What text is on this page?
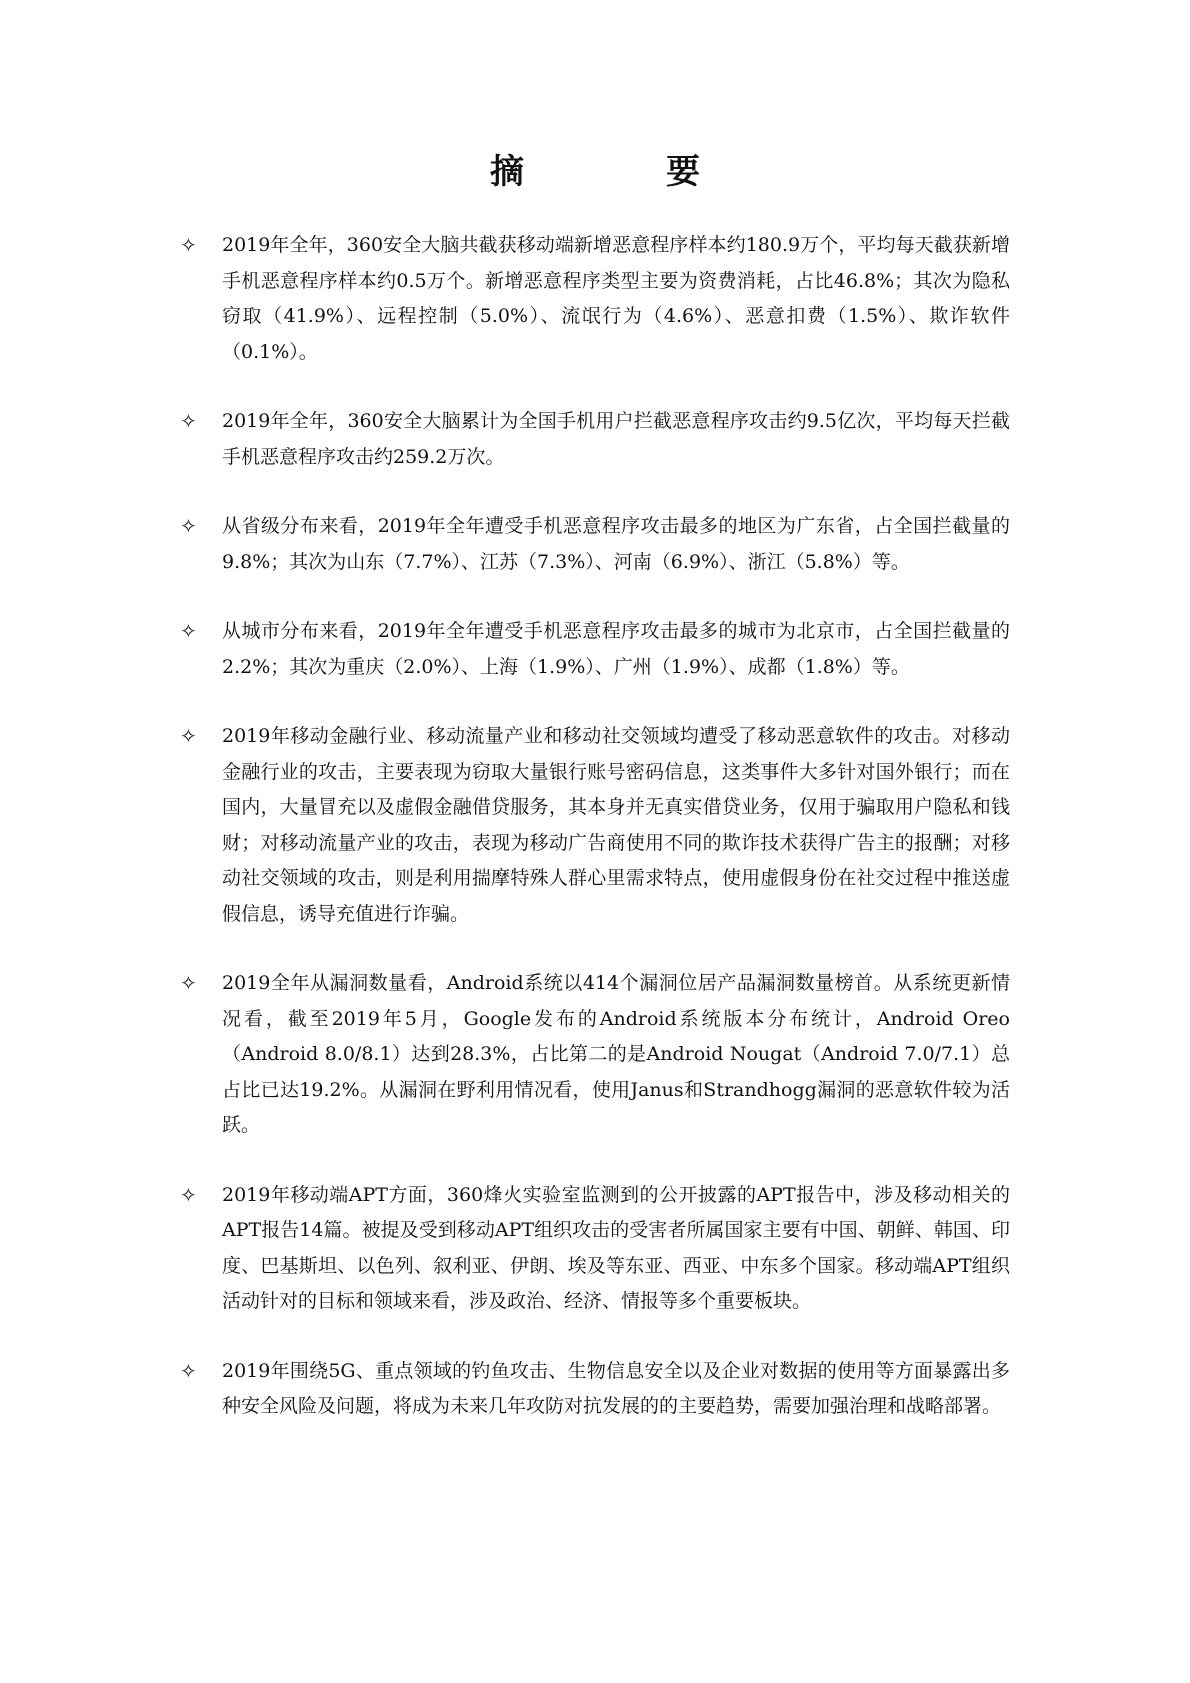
摘　要
✧ 2019年全年，360安全大脑共截获移动端新增恶意程序样本约180.9万个，平均每天截获新增手机恶意程序样本约0.5万个。新增恶意程序类型主要为资费消耗，占比46.8%；其次为隐私窃取（41.9%）、远程控制（5.0%）、流氓行为（4.6%）、恶意扣费（1.5%）、欺诈软件（0.1%）。
✧ 2019年全年，360安全大脑累计为全国手机用户拦截恶意程序攻击约9.5亿次，平均每天拦截手机恶意程序攻击约259.2万次。
✧ 从省级分布来看，2019年全年遭受手机恶意程序攻击最多的地区为广东省，占全国拦截量的9.8%；其次为山东（7.7%）、江苏（7.3%）、河南（6.9%）、浙江（5.8%）等。
✧ 从城市分布来看，2019年全年遭受手机恶意程序攻击最多的城市为北京市，占全国拦截量的2.2%；其次为重庆（2.0%）、上海（1.9%）、广州（1.9%）、成都（1.8%）等。
✧ 2019年移动金融行业、移动流量产业和移动社交领域均遭受了移动恶意软件的攻击。对移动金融行业的攻击，主要表现为窃取大量银行账号密码信息，这类事件大多针对国外银行；而在国内，大量冒充以及虚假金融借贷服务，其本身并无真实借贷业务，仅用于骗取用户隐私和钱财；对移动流量产业的攻击，表现为移动广告商使用不同的欺诈技术获得广告主的报酬；对移动社交领域的攻击，则是利用揣摩特殊人群心里需求特点，使用虚假身份在社交过程中推送虚假信息，诱导充值进行诈骗。
✧ 2019全年从漏洞数量看，Android系统以414个漏洞位居产品漏洞数量榜首。从系统更新情况看，截至2019年5月，Google发布的Android系统版本分布统计，Android Oreo（Android 8.0/8.1）达到28.3%，占比第二的是Android Nougat（Android 7.0/7.1）总占比已达19.2%。从漏洞在野利用情况看，使用Janus和Strandhogg漏洞的恶意软件较为活跃。
✧ 2019年移动端APT方面，360烽火实验室监测到的公开披露的APT报告中，涉及移动相关的APT报告14篇。被提及受到移动APT组织攻击的受害者所属国家主要有中国、朝鲜、韩国、印度、巴基斯坦、以色列、叙利亚、伊朗、埃及等东亚、西亚、中东多个国家。移动端APT组织活动针对的目标和领域来看，涉及政治、经济、情报等多个重要板块。
✧ 2019年围绕5G、重点领域的钓鱼攻击、生物信息安全以及企业对数据的使用等方面暴露出多种安全风险及问题，将成为未来几年攻防对抗发展的的主要趋势，需要加强治理和战略部署。
